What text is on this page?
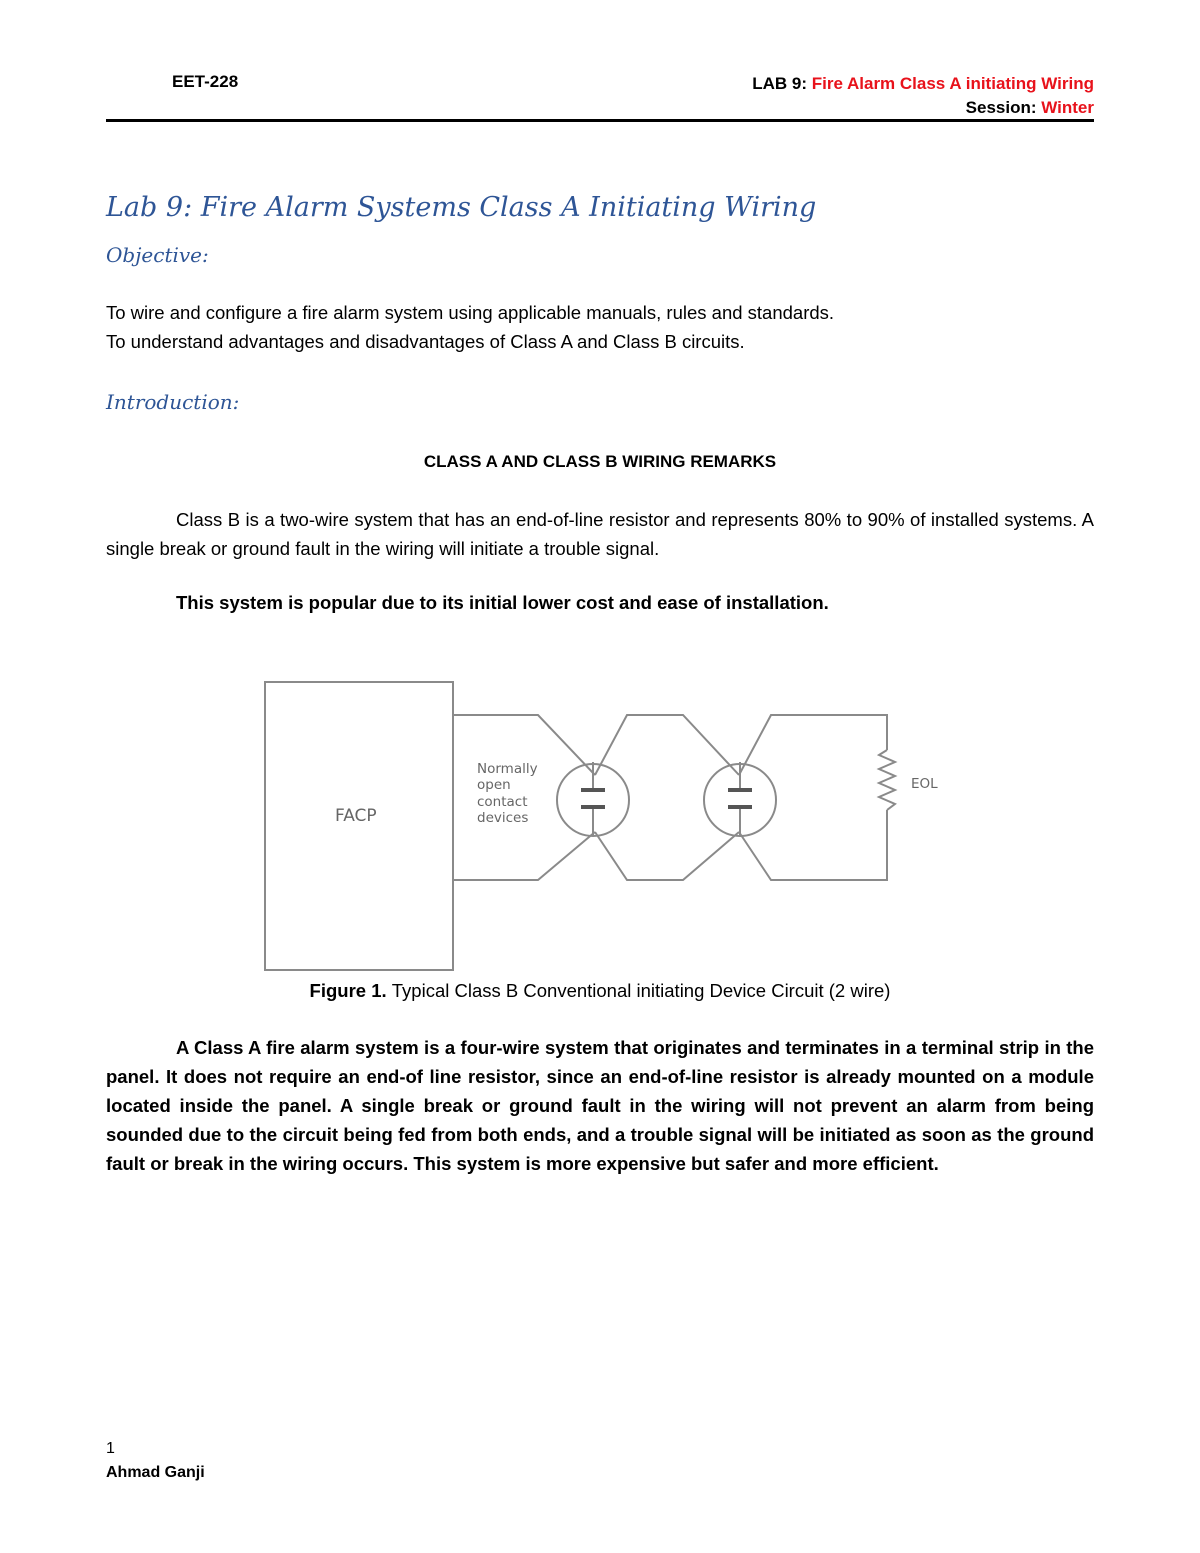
EET-228	LAB 9: Fire Alarm Class A initiating Wiring
Session: Winter
Lab 9: Fire Alarm Systems Class A Initiating Wiring
Objective:
To wire and configure a fire alarm system using applicable manuals, rules and standards.
To understand advantages and disadvantages of Class A and Class B circuits.
Introduction:
CLASS A AND CLASS B WIRING REMARKS

Class B is a two-wire system that has an end-of-line resistor and represents 80% to 90% of installed systems. A single break or ground fault in the wiring will initiate a trouble signal.

This system is popular due to its initial lower cost and ease of installation.
FACP
Normally
open
contact
devices
EOL
Figure 1. Typical Class B Conventional initiating Device Circuit (2 wire)

A Class A fire alarm system is a four-wire system that originates and terminates in a terminal strip in the panel. It does not require an end-of line resistor, since an end-of-line resistor is already mounted on a module located inside the panel. A single break or ground fault in the wiring will not prevent an alarm from being sounded due to the circuit being fed from both ends, and a trouble signal will be initiated as soon as the ground fault or break in the wiring occurs. This system is more expensive but safer and more efficient.

1
Ahmad Ganji
